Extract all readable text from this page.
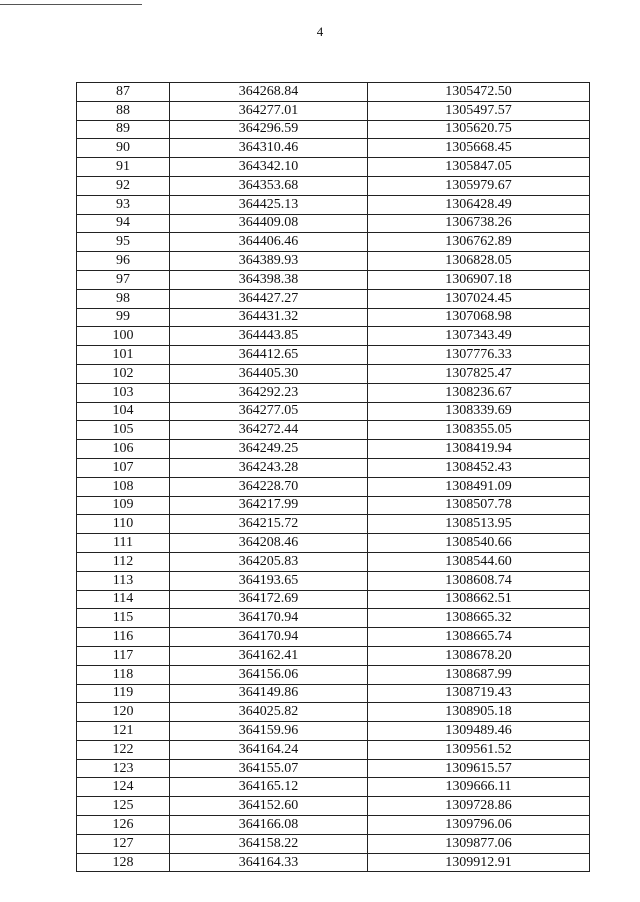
4
87	364268.84	1305472.50
88	364277.01	1305497.57
89	364296.59	1305620.75
90	364310.46	1305668.45
91	364342.10	1305847.05
92	364353.68	1305979.67
93	364425.13	1306428.49
94	364409.08	1306738.26
95	364406.46	1306762.89
96	364389.93	1306828.05
97	364398.38	1306907.18
98	364427.27	1307024.45
99	364431.32	1307068.98
100	364443.85	1307343.49
101	364412.65	1307776.33
102	364405.30	1307825.47
103	364292.23	1308236.67
104	364277.05	1308339.69
105	364272.44	1308355.05
106	364249.25	1308419.94
107	364243.28	1308452.43
108	364228.70	1308491.09
109	364217.99	1308507.78
110	364215.72	1308513.95
111	364208.46	1308540.66
112	364205.83	1308544.60
113	364193.65	1308608.74
114	364172.69	1308662.51
115	364170.94	1308665.32
116	364170.94	1308665.74
117	364162.41	1308678.20
118	364156.06	1308687.99
119	364149.86	1308719.43
120	364025.82	1308905.18
121	364159.96	1309489.46
122	364164.24	1309561.52
123	364155.07	1309615.57
124	364165.12	1309666.11
125	364152.60	1309728.86
126	364166.08	1309796.06
127	364158.22	1309877.06
128	364164.33	1309912.91
